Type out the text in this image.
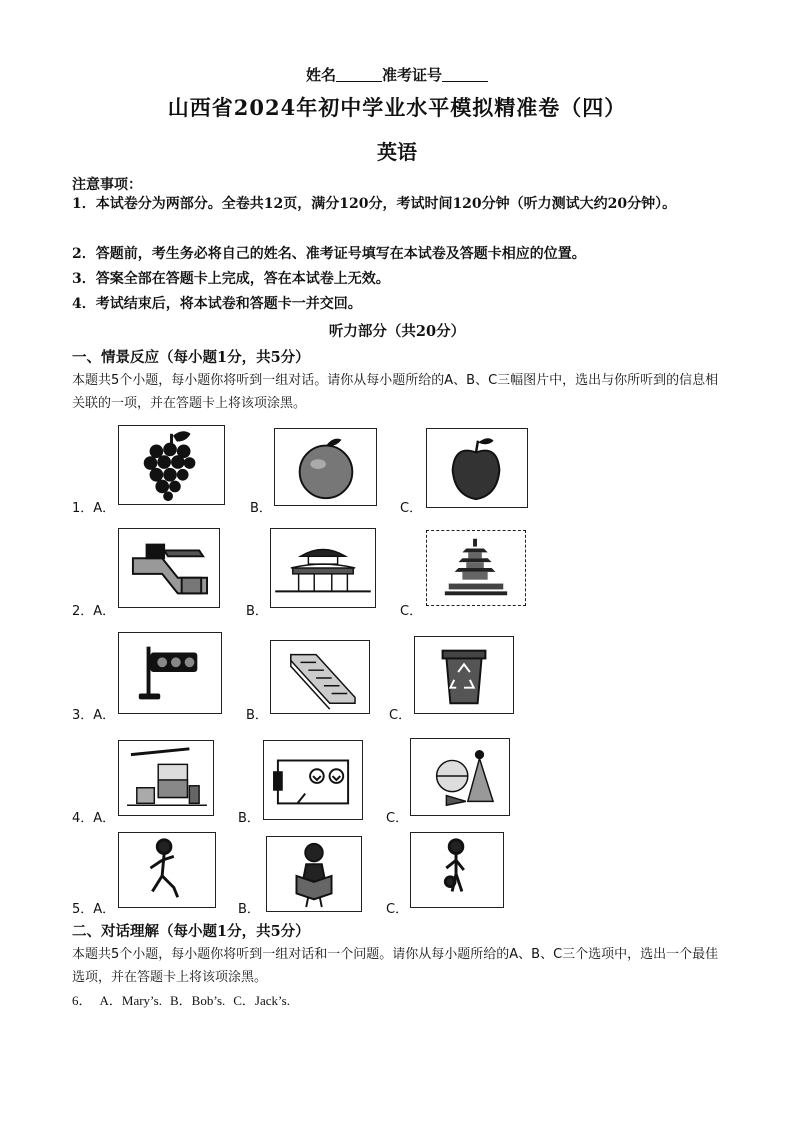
姓名	准考证号
山西省2024年初中学业水平模拟精准卷（四）
英语
注意事项：
1．本试卷分为两部分。全卷共12页，满分120分，考试时间120分钟（听力测试大约20分钟）。
2．答题前，考生务必将自己的姓名、准考证号填写在本试卷及答题卡相应的位置。
3．答案全部在答题卡上完成，答在本试卷上无效。
4．考试结束后，将本试卷和答题卡一并交回。
听力部分（共20分）
一、情景反应（每小题1分，共5分）
本题共5个小题，每小题你将听到一组对话。请你从每小题所给的A、B、C三幅图片中，选出与你所听到的信息相关联的一项，并在答题卡上将该项涂黑。
1．A．	B．	C．
2．A．	B．	C．
3．A．	B．	C．
4．A．	B．	C．
5．A．	B．	C．
二、对话理解（每小题1分，共5分）
本题共5个小题，每小题你将听到一组对话和一个问题。请你从每小题所给的A、B、C三个选项中，选出一个最佳选项，并在答题卡上将该项涂黑。
6． A．Mary’s. B．Bob’s. C．Jack’s.
